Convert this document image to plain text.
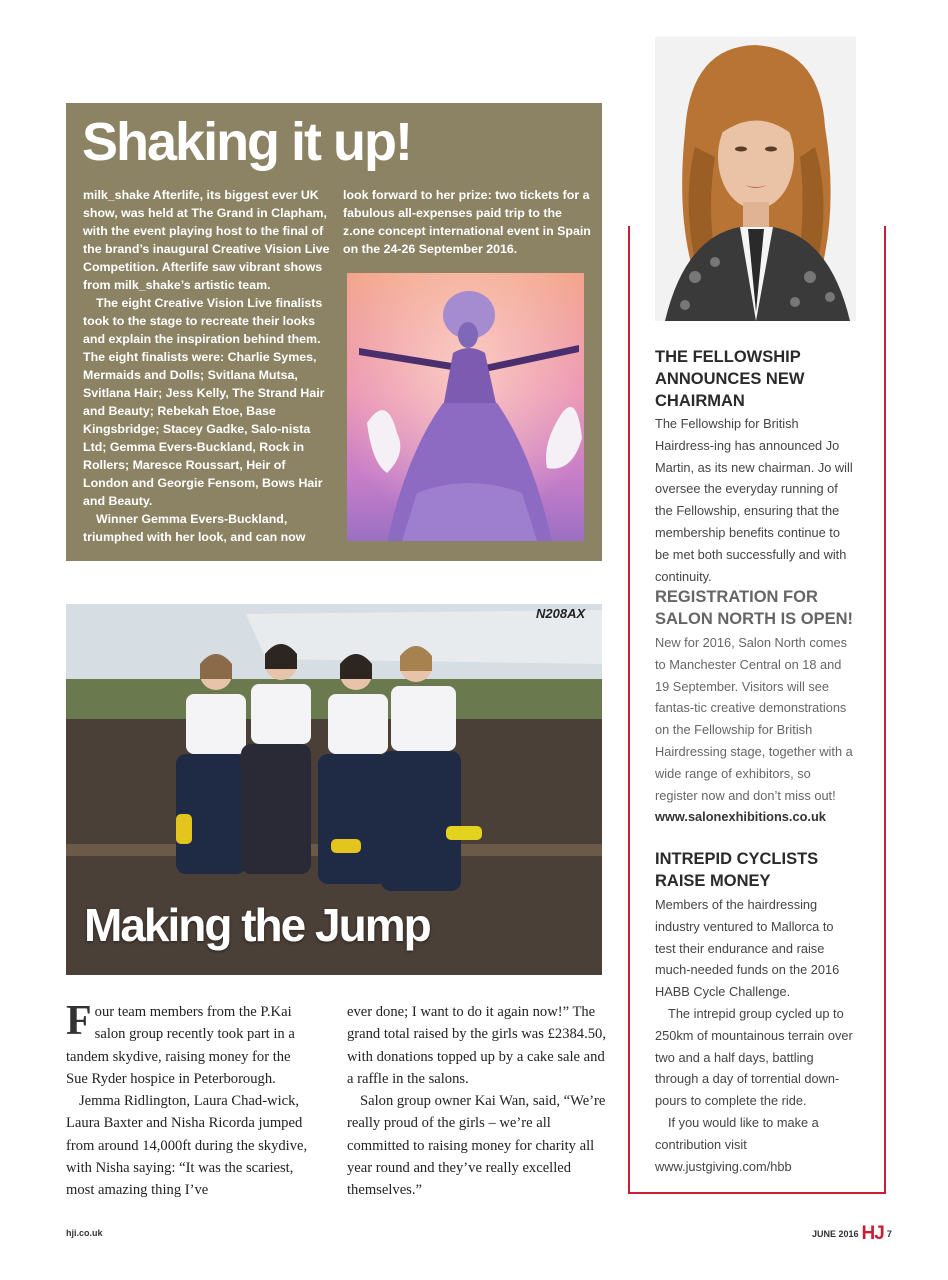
Shaking it up!

milk_shake Afterlife, its biggest ever UK show, was held at The Grand in Clapham, with the event playing host to the final of the brand’s inaugural Creative Vision Live Competition. Afterlife saw vibrant shows from milk_shake’s artistic team.

The eight Creative Vision Live finalists took to the stage to recreate their looks and explain the inspiration behind them. The eight finalists were: Charlie Symes, Mermaids and Dolls; Svitlana Mutsa, Svitlana Hair; Jess Kelly, The Strand Hair and Beauty; Rebekah Etoe, Base Kingsbridge; Stacey Gadke, Salo-nista Ltd; Gemma Evers-Buckland, Rock in Rollers; Maresce Roussart, Heir of London and Georgie Fensom, Bows Hair and Beauty.

Winner Gemma Evers-Buckland, triumphed with her look, and can now

look forward to her prize: two tickets for a fabulous all-expenses paid trip to the z.one concept international event in Spain on the 24-26 September 2016.

THE FELLOWSHIP ANNOUNCES NEW CHAIRMAN

The Fellowship for British Hairdress-ing has announced Jo Martin, as its new chairman. Jo will oversee the everyday running of the Fellowship, ensuring that the membership benefits continue to be met both successfully and with continuity.

REGISTRATION FOR SALON NORTH IS OPEN!

New for 2016, Salon North comes to Manchester Central on 18 and 19 September. Visitors will see fantas-tic creative demonstrations on the Fellowship for British Hairdressing stage, together with a wide range of exhibitors, so register now and don’t miss out!

www.salonexhibitions.co.uk

INTREPID CYCLISTS RAISE MONEY

Members of the hairdressing industry ventured to Mallorca to test their endurance and raise much-needed funds on the 2016 HABB Cycle Challenge.

The intrepid group cycled up to 250km of mountainous terrain over two and a half days, battling through a day of torrential down-pours to complete the ride.

If you would like to make a contribution visit www.justgiving.com/hbb

N208AX
Making the Jump

Four team members from the P.Kai salon group recently took part in a tandem skydive, raising money for the Sue Ryder hospice in Peterborough.

Jemma Ridlington, Laura Chad-wick, Laura Baxter and Nisha Ricorda jumped from around 14,000ft during the skydive, with Nisha saying: “It was the scariest, most amazing thing I’ve

ever done; I want to do it again now!” The grand total raised by the girls was £2384.50, with donations topped up by a cake sale and a raffle in the salons.

Salon group owner Kai Wan, said, “We’re really proud of the girls – we’re all committed to raising money for charity all year round and they’ve really excelled themselves.”

hji.co.uk	JUNE 2016 HJ 7
